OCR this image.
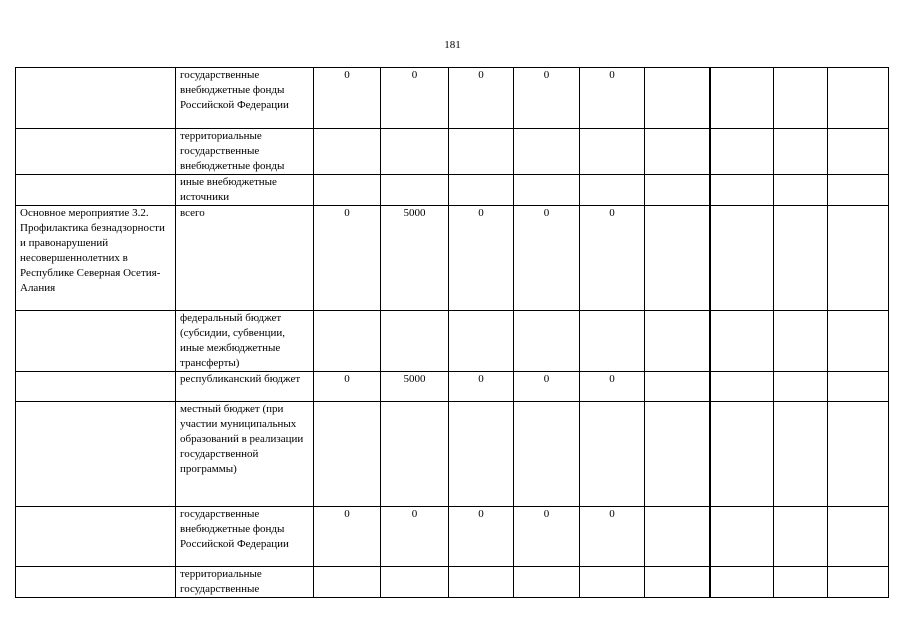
181
	государственные внебюджетные фонды Российской Федерации	0	0	0	0	0				
	территориальные государственные внебюджетные фонды									
	иные внебюджетные источники									
Основное мероприятие 3.2. Профилактика безнадзорности и правонарушений несовершеннолетних в Республике Северная Осетия-Алания	всего	0	5000	0	0	0				
	федеральный бюджет (субсидии, субвенции, иные межбюджетные трансферты)									
	республиканский бюджет	0	5000	0	0	0				
	местный бюджет (при участии муниципальных образований в реализации государственной программы)									
	государственные внебюджетные фонды Российской Федерации	0	0	0	0	0				
	территориальные государственные									
